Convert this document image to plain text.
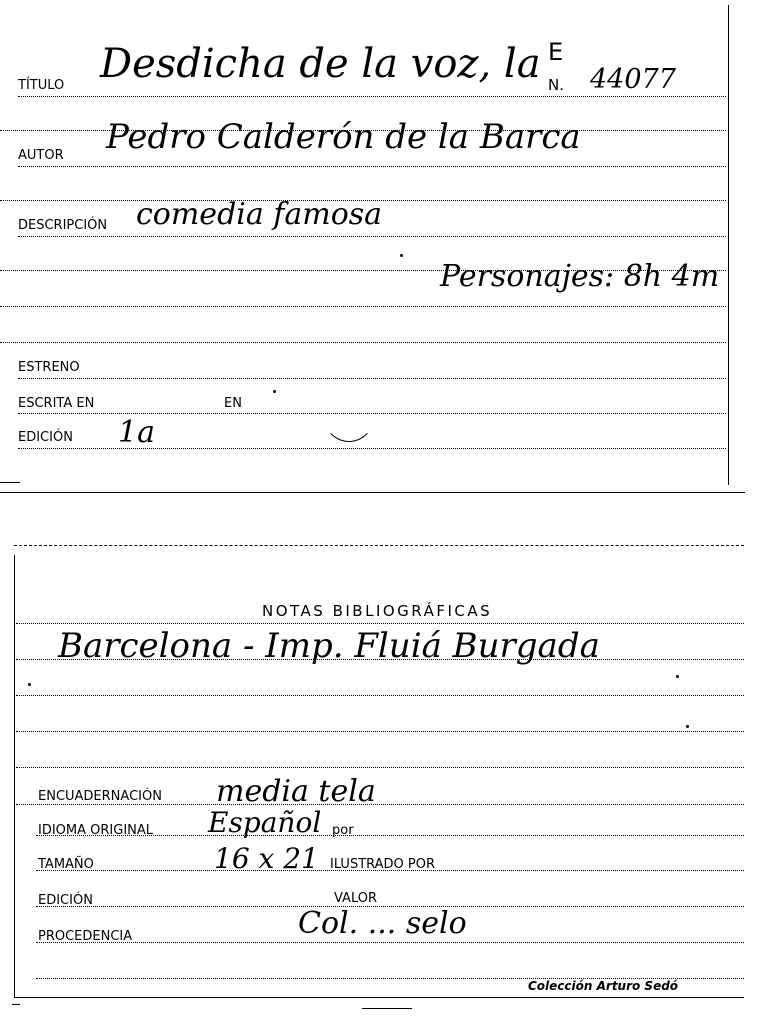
TÍTULO Desdicha de la voz, la E
N. 44077
AUTOR Pedro Calderón de la Barca
DESCRIPCIÓN comedia famosa
Personajes: 8h 4m
ESTRENO
ESCRITA EN	EN
EDICIÓN 1a
NOTAS BIBLIOGRÁFICAS
Barcelona - Imp. Fluiá Burgada
ENCUADERNACIÓN media tela
IDIOMA ORIGINAL Español por
TAMAÑO	16 x 21 ILUSTRADO POR
EDICIÓN	VALOR
PROCEDENCIA	Col. ... selo
Colección Arturo Sedó
